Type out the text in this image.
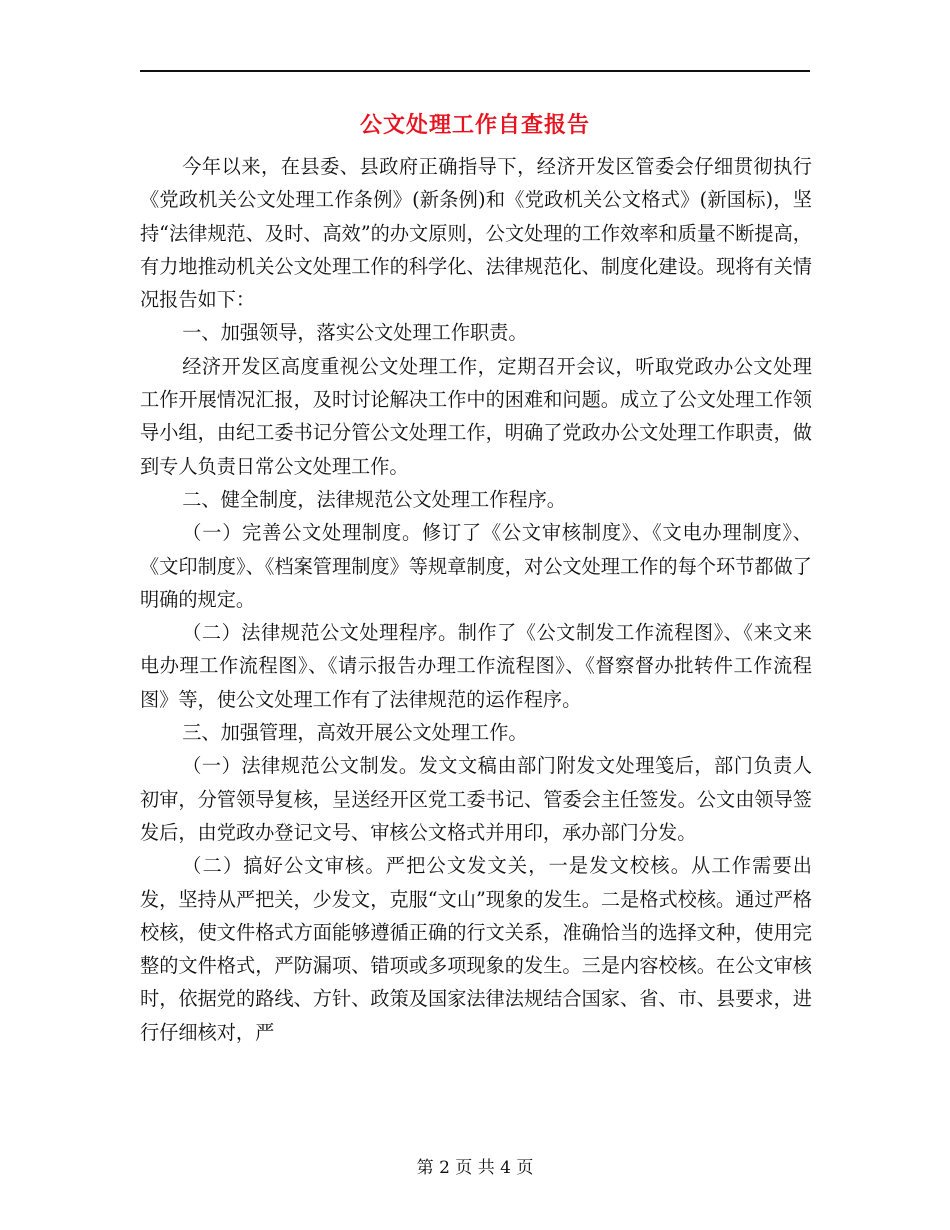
公文处理工作自查报告

今年以来，在县委、县政府正确指导下，经济开发区管委会仔细贯彻执行《党政机关公文处理工作条例》(新条例)和《党政机关公文格式》(新国标)，坚持“法律规范、及时、高效”的办文原则，公文处理的工作效率和质量不断提高，有力地推动机关公文处理工作的科学化、法律规范化、制度化建设。现将有关情况报告如下：

一、加强领导，落实公文处理工作职责。

经济开发区高度重视公文处理工作，定期召开会议，听取党政办公文处理工作开展情况汇报，及时讨论解决工作中的困难和问题。成立了公文处理工作领导小组，由纪工委书记分管公文处理工作，明确了党政办公文处理工作职责，做到专人负责日常公文处理工作。

二、健全制度，法律规范公文处理工作程序。

（一）完善公文处理制度。修订了《公文审核制度》、《文电办理制度》、《文印制度》、《档案管理制度》等规章制度，对公文处理工作的每个环节都做了明确的规定。

（二）法律规范公文处理程序。制作了《公文制发工作流程图》、《来文来电办理工作流程图》、《请示报告办理工作流程图》、《督察督办批转件工作流程图》等，使公文处理工作有了法律规范的运作程序。

三、加强管理，高效开展公文处理工作。

（一）法律规范公文制发。发文文稿由部门附发文处理笺后，部门负责人初审，分管领导复核，呈送经开区党工委书记、管委会主任签发。公文由领导签发后，由党政办登记文号、审核公文格式并用印，承办部门分发。

（二）搞好公文审核。严把公文发文关，一是发文校核。从工作需要出发，坚持从严把关，少发文，克服“文山”现象的发生。二是格式校核。通过严格校核，使文件格式方面能够遵循正确的行文关系，准确恰当的选择文种，使用完整的文件格式，严防漏项、错项或多项现象的发生。三是内容校核。在公文审核时，依据党的路线、方针、政策及国家法律法规结合国家、省、市、县要求，进行仔细核对，严

第 2 页 共 4 页
